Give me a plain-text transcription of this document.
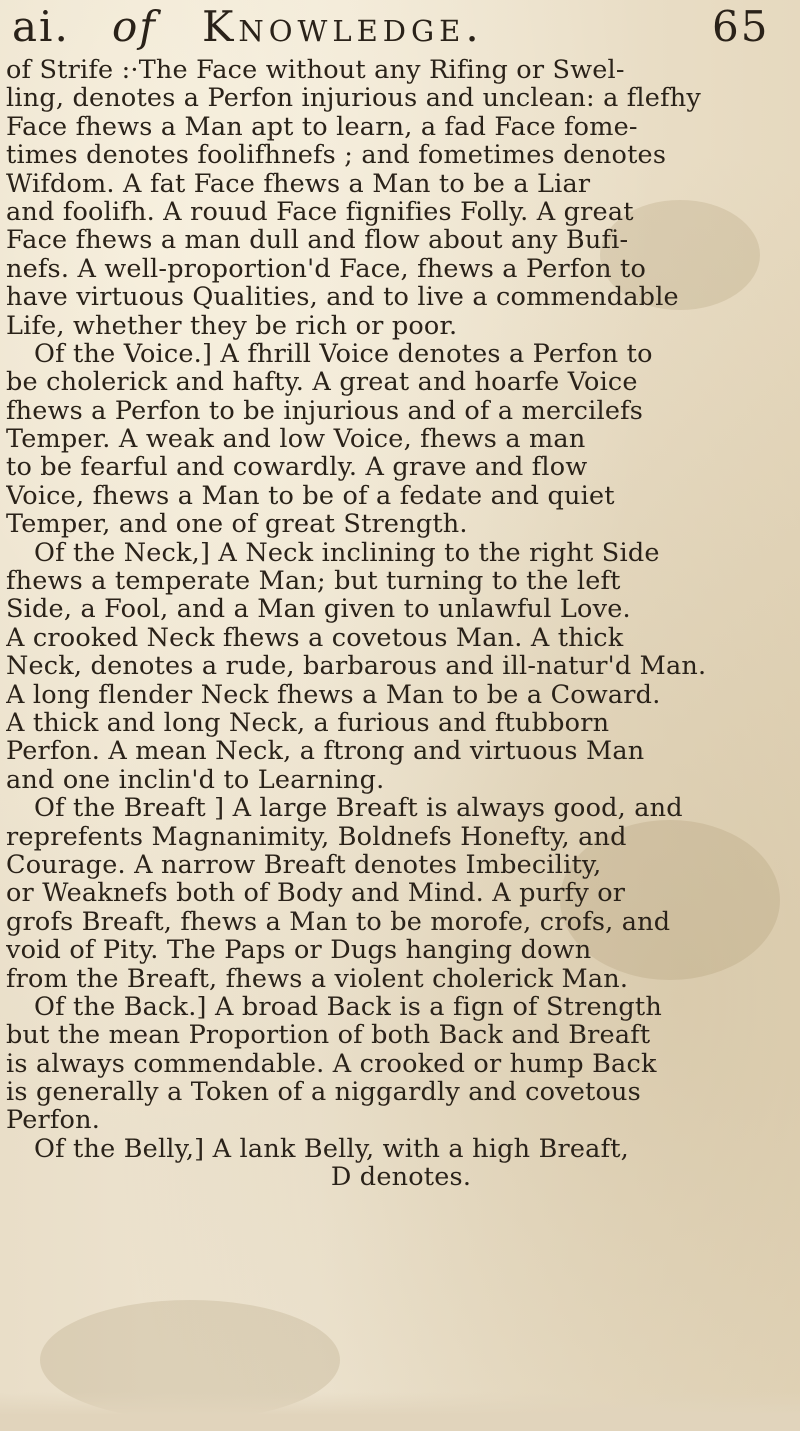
ai. of Knowledge.	65
of Strife :·The Face without any Rifing or Swel-
ling, denotes a Perfon injurious and unclean: a flefhy
Face fhews a Man apt to learn, a fad Face fome-
times denotes foolifhnefs ; and fometimes denotes
Wifdom. A fat Face fhews a Man to be a Liar
and foolifh. A rouud Face fignifies Folly. A great
Face fhews a man dull and flow about any Bufi-
nefs. A well-proportion'd Face, fhews a Perfon to
have virtuous Qualities, and to live a commendable
Life, whether they be rich or poor.
Of the Voice.] A fhrill Voice denotes a Perfon to
be cholerick and hafty. A great and hoarfe Voice
fhews a Perfon to be injurious and of a mercilefs
Temper. A weak and low Voice, fhews a man
to be fearful and cowardly. A grave and flow
Voice, fhews a Man to be of a fedate and quiet
Temper, and one of great Strength.
Of the Neck,] A Neck inclining to the right Side
fhews a temperate Man; but turning to the left
Side, a Fool, and a Man given to unlawful Love.
A crooked Neck fhews a covetous Man. A thick
Neck, denotes a rude, barbarous and ill-natur'd Man.
A long flender Neck fhews a Man to be a Coward.
A thick and long Neck, a furious and ftubborn
Perfon. A mean Neck, a ftrong and virtuous Man
and one inclin'd to Learning.
Of the Breaft ] A large Breaft is always good, and
reprefents Magnanimity, Boldnefs Honefty, and
Courage. A narrow Breaft denotes Imbecility,
or Weaknefs both of Body and Mind. A purfy or
grofs Breaft, fhews a Man to be morofe, crofs, and
void of Pity. The Paps or Dugs hanging down
from the Breaft, fhews a violent cholerick Man.
Of the Back.] A broad Back is a fign of Strength
but the mean Proportion of both Back and Breaft
is always commendable. A crooked or hump Back
is generally a Token of a niggardly and covetous
Perfon.
Of the Belly,] A lank Belly, with a high Breaft,
D denotes.
